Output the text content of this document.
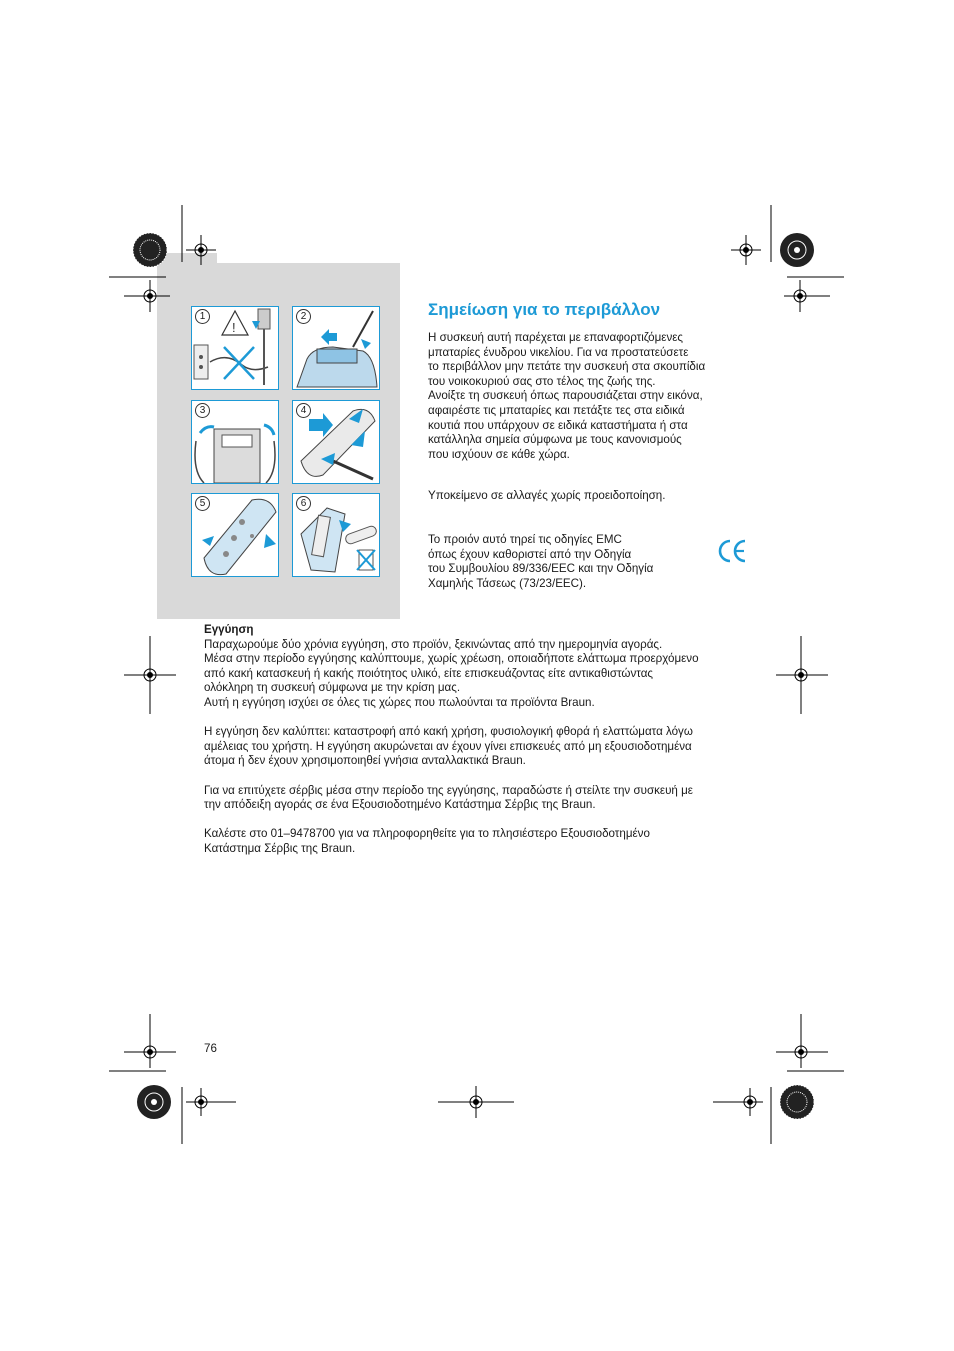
1
!
2
3	4
5	6
Σημείωση για το περιβάλλον
Η συσκευή αυτή παρέχεται με επαναφορτιζόμενες
μπαταρίες ένυδρου νικελίου. Για να προστατεύσετε
το περιβάλλον μην πετάτε την συσκευή στα σκουπίδια
του νοικοκυριού σας στο τέλος της ζωής της.
Ανοίξτε τη συσκευή όπως παρουσιάζεται στην εικόνα,
αφαιρέστε τις μπαταρίες και πετάξτε τες στα ειδικά
κουτιά που υπάρχουν σε ειδικά καταστήματα ή στα
κατάλληλα σημεία σύμφωνα με τους κανονισμούς
που ισχύουν σε κάθε χώρα.
Υποκείμενο σε αλλαγές χωρίς προειδοποίηση.
Το προιόν αυτό τηρεί τις οδηγίες EMC
όπως έχουν καθοριστεί από την Οδηγία
του Συμβουλίου 89/336/EEC και την Οδηγία
Χαμηλής Τάσεως (73/23/EEC).
Εγγύηση
Παραχωρούμε δύο χρόνια εγγύηση, στο προϊόν, ξεκινώντας από την ημερομηνία αγοράς.
Μέσα στην περίοδο εγγύησης καλύπτουμε, χωρίς χρέωση, οποιαδήποτε ελάττωμα προερχόμενο
από κακή κατασκευή ή κακής ποιότητος υλικό, είτε επισκευάζοντας είτε αντικαθιστώντας
ολόκληρη τη συσκευή σύμφωνα με την κρίση μας.
Αυτή η εγγύηση ισχύει σε όλες τις χώρες που πωλούνται τα προϊόντα Braun.
Η εγγύηση δεν καλύπτει: καταστροφή από κακή χρήση, φυσιολογική φθορά ή ελαττώματα λόγω
αμέλειας του χρήστη. Η εγγύηση ακυρώνεται αν έχουν γίνει επισκευές από μη εξουσιοδοτημένα
άτομα ή δεν έχουν χρησιμοποιηθεί γνήσια ανταλλακτικά Braun.
Για να επιτύχετε σέρβις μέσα στην περίοδο της εγγύησης, παραδώστε ή στείλτε την συσκευή με
την απόδειξη αγοράς σε ένα Εξουσιοδοτημένο Κατάστημα Σέρβις της Braun.
Καλέστε στο 01–9478700 για να πληροφορηθείτε για το πλησιέστερο Εξουσιοδοτημένο
Κατάστημα Σέρβις της Braun.
76
